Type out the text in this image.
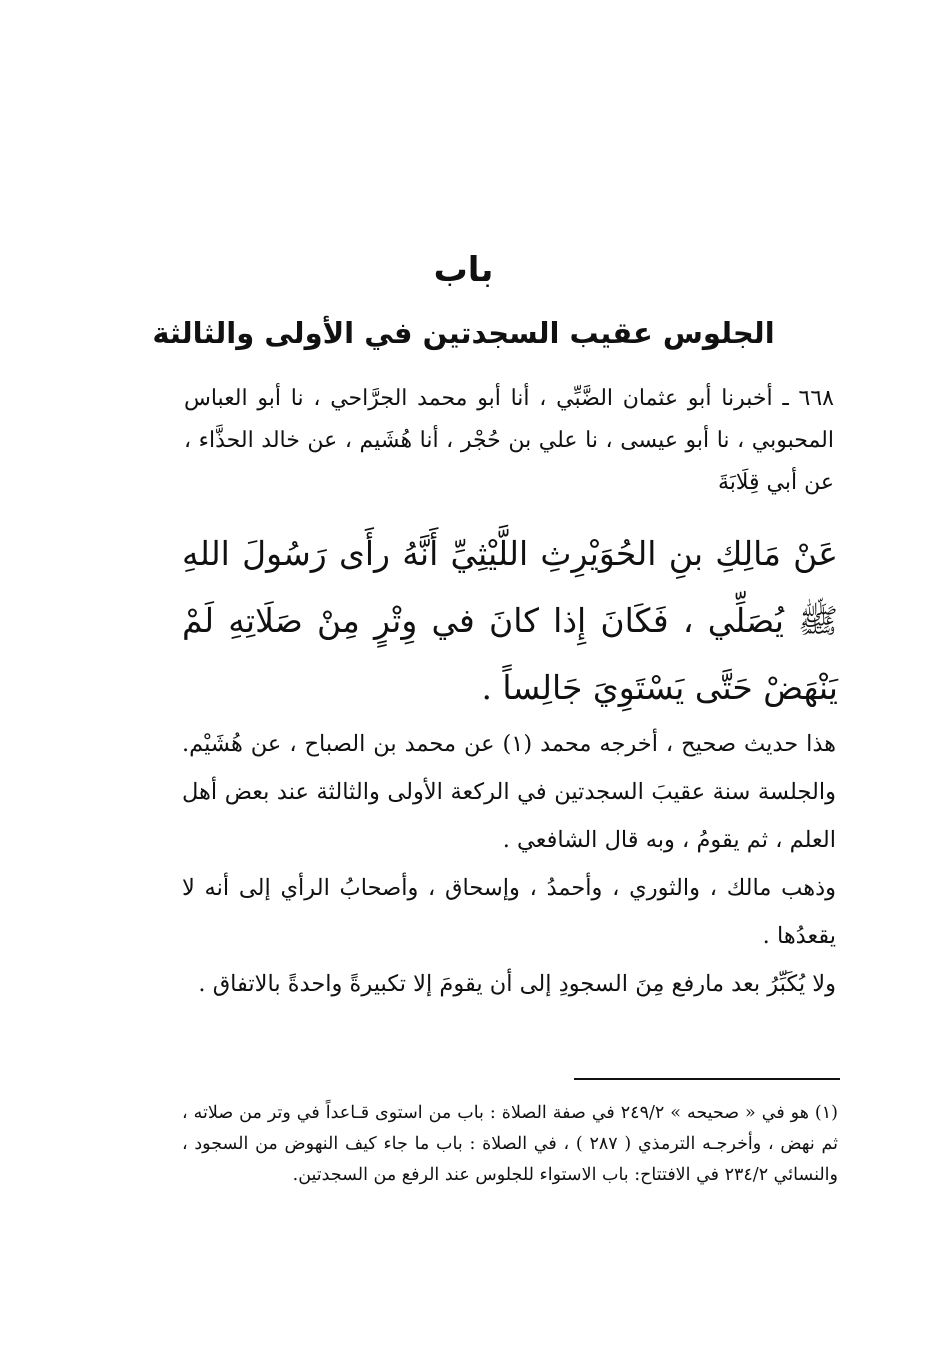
باب
الجلوس عقيب السجدتين في الأولى والثالثة
٦٦٨ ـ أخبرنا أبو عثمان الضَّبِّي ، أنا أبو محمد الجرَّاحي ، نا أبو العباس المحبوبي ، نا أبو عيسى ، نا علي بن حُجْر ، أنا هُشَيم ، عن خالد الحذَّاء ، عن أبي قِلَابَةَ
عَنْ مَالِكِ بنِ الحُوَيْرِثِ اللَّيْثِيِّ أَنَّهُ رأَى رَسُولَ اللهِ ﷺ يُصَلِّي ، فَكَانَ إِذا كانَ في وِتْرٍ مِنْ صَلَاتِهِ لَمْ يَنْهَضْ حَتَّى يَسْتَوِيَ جَالِساً .

هذا حديث صحيح ، أخرجه محمد (١) عن محمد بن الصباح ، عن هُشَيْم. والجلسة سنة عقيبَ السجدتين في الركعة الأولى والثالثة عند بعض أهل العلم ، ثم يقومُ ، وبه قال الشافعي .

وذهب مالك ، والثوري ، وأحمدُ ، وإسحاق ، وأصحابُ الرأي إلى أنه لا يقعدُها .

ولا يُكَبِّرُ بعد مارفع مِنَ السجودِ إلى أن يقومَ إلا تكبيرةً واحدةً بالاتفاق .

(١) هو في « صحيحه » ٢٤٩/٢ في صفة الصلاة : باب من استوى قـاعداً في وتر من صلاته ، ثم نهض ، وأخرجـه الترمذي ( ٢٨٧ ) ، في الصلاة : باب ما جاء كيف النهوض من السجود ، والنسائي ٢٣٤/٢ في الافتتاح: باب الاستواء للجلوس عند الرفع من السجدتين.
